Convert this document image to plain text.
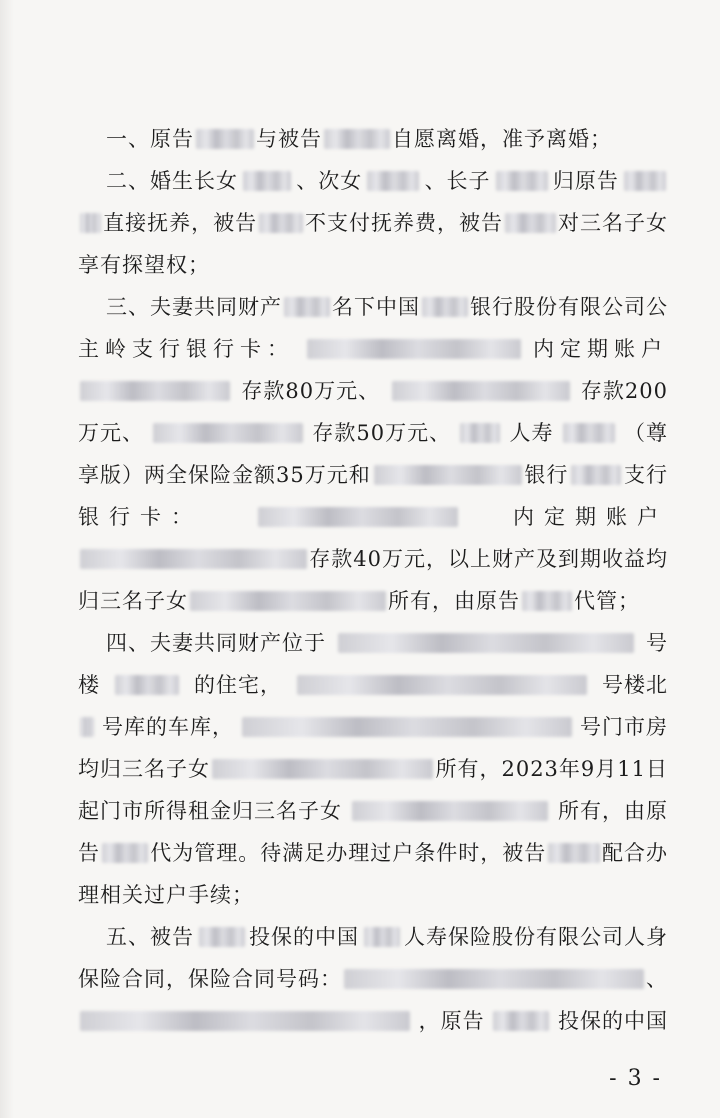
一、原告	与被告	自愿离婚，准予离婚；
二、婚生长女	、次女	、长子	归原告
直接抚养，被告 不支付抚养费，被告	对三名子女
享有探望权；
三、夫妻共同财产 名下中国 银行股份有限公司公
主岭支行银行卡：	内定期账户
存款80万元、	存款200
万元、	存款50万元、	人寿	（尊
享版）两全保险金额35万元和	银行	支行
银行卡：	内定期账户
存款40万元，以上财产及到期收益均
归三名子女	所有，由原告	代管；
四、夫妻共同财产位于	号
楼	的住宅，	号楼北
号库的车库，	号门市房
均归三名子女	所有，2023年9月11日
起门市所得租金归三名子女	所有，由原
告 代为管理。待满足办理过户条件时，被告	配合办
理相关过户手续；
五、被告	投保的中国 人寿保险股份有限公司人身
保险合同，保险合同号码：	、
，原告	投保的中国
- 3 -
